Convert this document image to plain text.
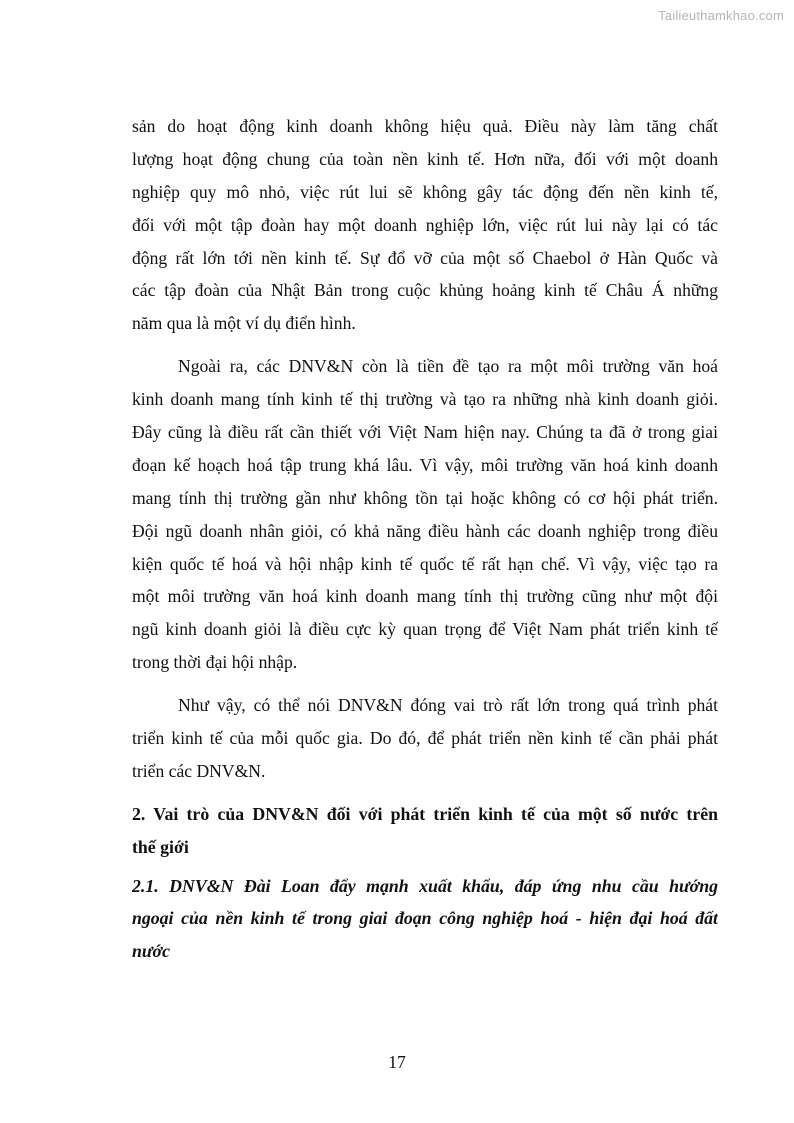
Tailieuthamkhao.com
sản do hoạt động kinh doanh không hiệu quả. Điều này làm tăng chất
lượng hoạt động chung của toàn nền kinh tế. Hơn nữa, đối với một doanh
nghiệp quy mô nhỏ, việc rút lui sẽ không gây tác động đến nền kinh tế,
đối với một tập đoàn hay một doanh nghiệp lớn, việc rút lui này lại có tác
động rất lớn tới nền kinh tế. Sự đổ vỡ của một số Chaebol ở Hàn Quốc và
các tập đoàn của Nhật Bản trong cuộc khủng hoảng kinh tế Châu Á những
năm qua là một ví dụ điển hình.
Ngoài ra, các DNV&N còn là tiền đề tạo ra một môi trường văn hoá
kinh doanh mang tính kinh tế thị trường và tạo ra những nhà kinh doanh giỏi.
Đây cũng là điều rất cần thiết với Việt Nam hiện nay. Chúng ta đã ở trong giai
đoạn kế hoạch hoá tập trung khá lâu. Vì vậy, môi trường văn hoá kinh doanh
mang tính thị trường gần như không tồn tại hoặc không có cơ hội phát triển.
Đội ngũ doanh nhân giỏi, có khả năng điều hành các doanh nghiệp trong điều
kiện quốc tế hoá và hội nhập kinh tế quốc tế rất hạn chế. Vì vậy, việc tạo ra
một môi trường văn hoá kinh doanh mang tính thị trường cũng như một đội
ngũ kinh doanh giỏi là điều cực kỳ quan trọng để Việt Nam phát triển kinh tế
trong thời đại hội nhập.
Như vậy, có thể nói DNV&N đóng vai trò rất lớn trong quá trình phát
triển kinh tế của mỗi quốc gia. Do đó, để phát triển nền kinh tế cần phải phát
triển các DNV&N.
2. Vai trò của DNV&N đối với phát triển kinh tế của một số nước trên
thế giới
2.1. DNV&N Đài Loan đẩy mạnh xuất khẩu, đáp ứng nhu cầu hướng
ngoại của nền kinh tế trong giai đoạn công nghiệp hoá - hiện đại hoá đất
nước
17
